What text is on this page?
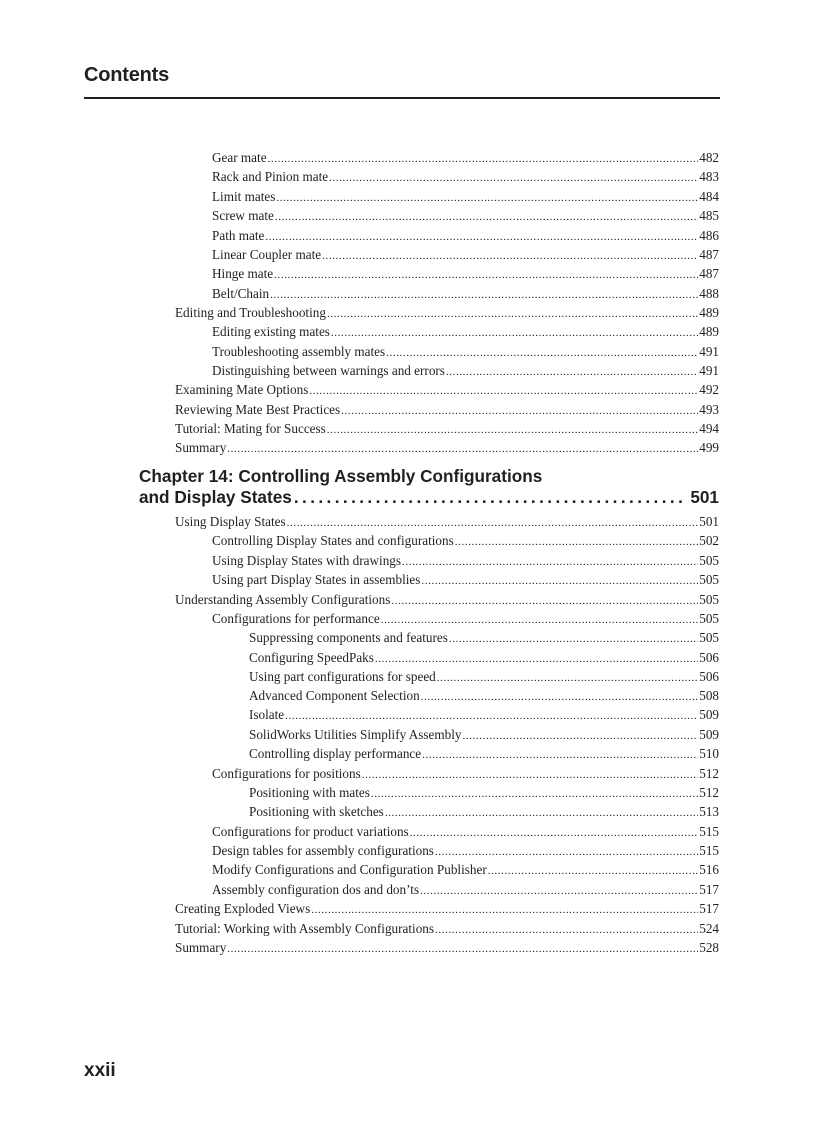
Contents
Gear mate .....	482
Rack and Pinion mate .....	483
Limit mates .....	484
Screw mate .....	485
Path mate .....	486
Linear Coupler mate .....	487
Hinge mate .....	487
Belt/Chain .....	488
Editing and Troubleshooting .....	489
Editing existing mates .....	489
Troubleshooting assembly mates .....	491
Distinguishing between warnings and errors .....	491
Examining Mate Options .....	492
Reviewing Mate Best Practices .....	493
Tutorial: Mating for Success .....	494
Summary .....	499
Chapter 14: Controlling Assembly Configurations
and Display States .....	501
Using Display States .....	501
Controlling Display States and configurations .....	502
Using Display States with drawings .....	505
Using part Display States in assemblies .....	505
Understanding Assembly Configurations .....	505
Configurations for performance .....	505
Suppressing components and features .....	505
Configuring SpeedPaks .....	506
Using part configurations for speed .....	506
Advanced Component Selection .....	508
Isolate .....	509
SolidWorks Utilities Simplify Assembly .....	509
Controlling display performance .....	510
Configurations for positions .....	512
Positioning with mates .....	512
Positioning with sketches .....	513
Configurations for product variations .....	515
Design tables for assembly configurations .....	515
Modify Configurations and Configuration Publisher .....	516
Assembly configuration dos and don’ts .....	517
Creating Exploded Views .....	517
Tutorial: Working with Assembly Configurations .....	524
Summary .....	528
xxii
